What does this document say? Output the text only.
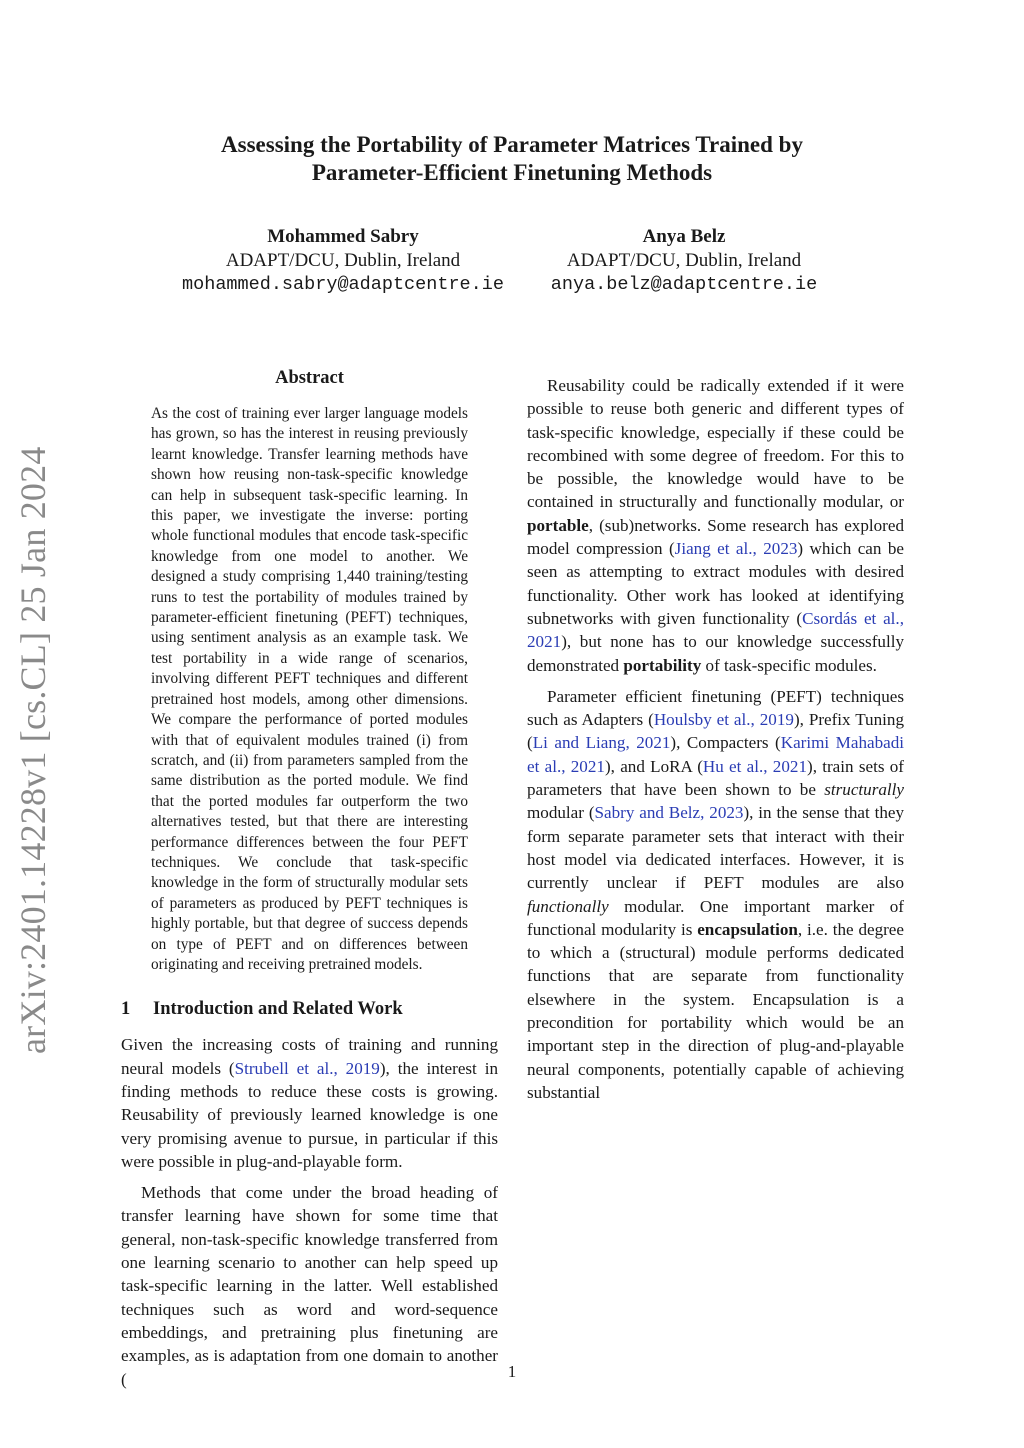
Assessing the Portability of Parameter Matrices Trained by
Parameter-Efficient Finetuning Methods
Mohammed Sabry
ADAPT/DCU, Dublin, Ireland
mohammed.sabry@adaptcentre.ie
Anya Belz
ADAPT/DCU, Dublin, Ireland
anya.belz@adaptcentre.ie
arXiv:2401.14228v1 [cs.CL] 25 Jan 2024
Abstract
As the cost of training ever larger language models has grown, so has the interest in reusing previously learnt knowledge. Transfer learning methods have shown how reusing non-task-specific knowledge can help in subsequent task-specific learning. In this paper, we investigate the inverse: porting whole functional modules that encode task-specific knowledge from one model to another. We designed a study comprising 1,440 training/testing runs to test the portability of modules trained by parameter-efficient finetuning (PEFT) techniques, using sentiment analysis as an example task. We test portability in a wide range of scenarios, involving different PEFT techniques and different pretrained host models, among other dimensions. We compare the performance of ported modules with that of equivalent modules trained (i) from scratch, and (ii) from parameters sampled from the same distribution as the ported module. We find that the ported modules far outperform the two alternatives tested, but that there are interesting performance differences between the four PEFT techniques. We conclude that task-specific knowledge in the form of structurally modular sets of parameters as produced by PEFT techniques is highly portable, but that degree of success depends on type of PEFT and on differences between originating and receiving pretrained models.
1 Introduction and Related Work

Given the increasing costs of training and running neural models (Strubell et al., 2019), the interest in finding methods to reduce these costs is growing. Reusability of previously learned knowledge is one very promising avenue to pursue, in particular if this were possible in plug-and-playable form.

Methods that come under the broad heading of transfer learning have shown for some time that general, non-task-specific knowledge transferred from one learning scenario to another can help speed up task-specific learning in the latter. Well established techniques such as word and word-sequence embeddings, and pretraining plus finetuning are examples, as is adaptation from one domain to another (

Reusability could be radically extended if it were possible to reuse both generic and different types of task-specific knowledge, especially if these could be recombined with some degree of freedom. For this to be possible, the knowledge would have to be contained in structurally and functionally modular, or portable, (sub)networks. Some research has explored model compression (Jiang et al., 2023) which can be seen as attempting to extract modules with desired functionality. Other work has looked at identifying subnetworks with given functionality (Csordás et al., 2021), but none has to our knowledge successfully demonstrated portability of task-specific modules.

Parameter efficient finetuning (PEFT) techniques such as Adapters (Houlsby et al., 2019), Prefix Tuning (Li and Liang, 2021), Compacters (Karimi Mahabadi et al., 2021), and LoRA (Hu et al., 2021), train sets of parameters that have been shown to be structurally modular (Sabry and Belz, 2023), in the sense that they form separate parameter sets that interact with their host model via dedicated interfaces. However, it is currently unclear if PEFT modules are also functionally modular. One important marker of functional modularity is encapsulation, i.e. the degree to which a (structural) module performs dedicated functions that are separate from functionality elsewhere in the system. Encapsulation is a precondition for portability which would be an important step in the direction of plug-and-playable neural components, potentially capable of achieving substantial

1
